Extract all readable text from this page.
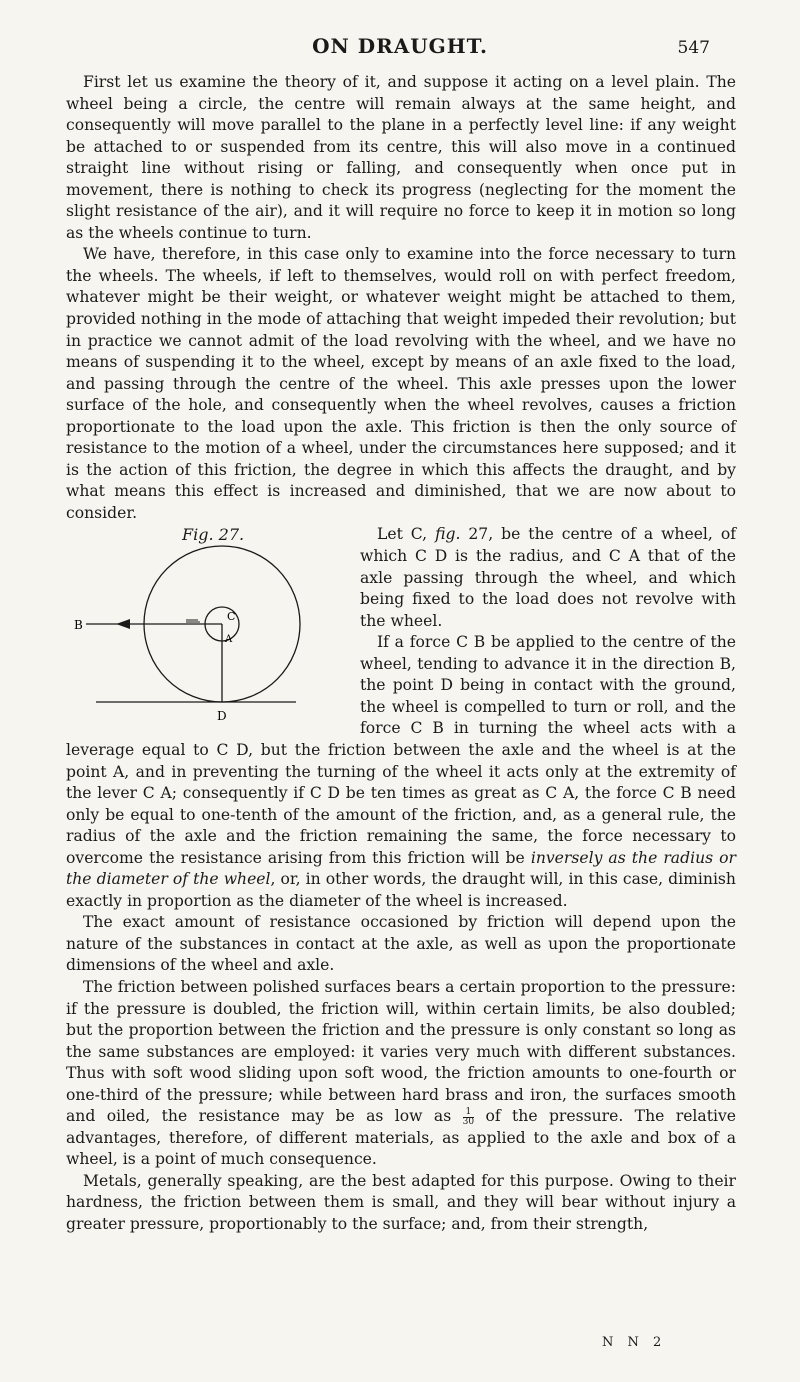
ON DRAUGHT.	547

First let us examine the theory of it, and suppose it acting on a level plain. The wheel being a circle, the centre will remain always at the same height, and consequently will move parallel to the plane in a perfectly level line: if any weight be attached to or suspended from its centre, this will also move in a continued straight line without rising or falling, and consequently when once put in movement, there is nothing to check its progress (neglecting for the moment the slight resistance of the air), and it will require no force to keep it in motion so long as the wheels continue to turn.

We have, therefore, in this case only to examine into the force necessary to turn the wheels. The wheels, if left to themselves, would roll on with perfect freedom, whatever might be their weight, or whatever weight might be attached to them, provided nothing in the mode of attaching that weight impeded their revolution; but in practice we cannot admit of the load revolving with the wheel, and we have no means of suspending it to the wheel, except by means of an axle fixed to the load, and passing through the centre of the wheel. This axle presses upon the lower surface of the hole, and consequently when the wheel revolves, causes a friction proportionate to the load upon the axle. This friction is then the only source of resistance to the motion of a wheel, under the circumstances here supposed; and it is the action of this friction, the degree in which this affects the draught, and by what means this effect is increased and diminished, that we are now about to consider.

Fig. 27.
B
C
A
D

Let C, fig. 27, be the centre of a wheel, of which C D is the radius, and C A that of the axle passing through the wheel, and which being fixed to the load does not revolve with the wheel.

If a force C B be applied to the centre of the wheel, tending to advance it in the direction B, the point D being in contact with the ground, the wheel is compelled to turn or roll, and the force C B in turning the wheel acts with a leverage equal to C D, but the friction between the axle and the wheel is at the point A, and in preventing the turning of the wheel it acts only at the extremity of the lever C A; consequently if C D be ten times as great as C A, the force C B need only be equal to one-tenth of the amount of the friction, and, as a general rule, the radius of the axle and the friction remaining the same, the force necessary to overcome the resistance arising from this friction will be inversely as the radius or the diameter of the wheel, or, in other words, the draught will, in this case, diminish exactly in proportion as the diameter of the wheel is increased.

The exact amount of resistance occasioned by friction will depend upon the nature of the substances in contact at the axle, as well as upon the proportionate dimensions of the wheel and axle.

The friction between polished surfaces bears a certain proportion to the pressure: if the pressure is doubled, the friction will, within certain limits, be also doubled; but the proportion between the friction and the pressure is only constant so long as the same substances are employed: it varies very much with different substances. Thus with soft wood sliding upon soft wood, the friction amounts to one-fourth or one-third of the pressure; while between hard brass and iron, the surfaces smooth and oiled, the resistance may be as low as $\frac{1}{30}$ of the pressure. The relative advantages, therefore, of different materials, as applied to the axle and box of a wheel, is a point of much consequence.

Metals, generally speaking, are the best adapted for this purpose. Owing to their hardness, the friction between them is small, and they will bear without injury a greater pressure, proportionably to the surface; and, from their strength,

N N 2
